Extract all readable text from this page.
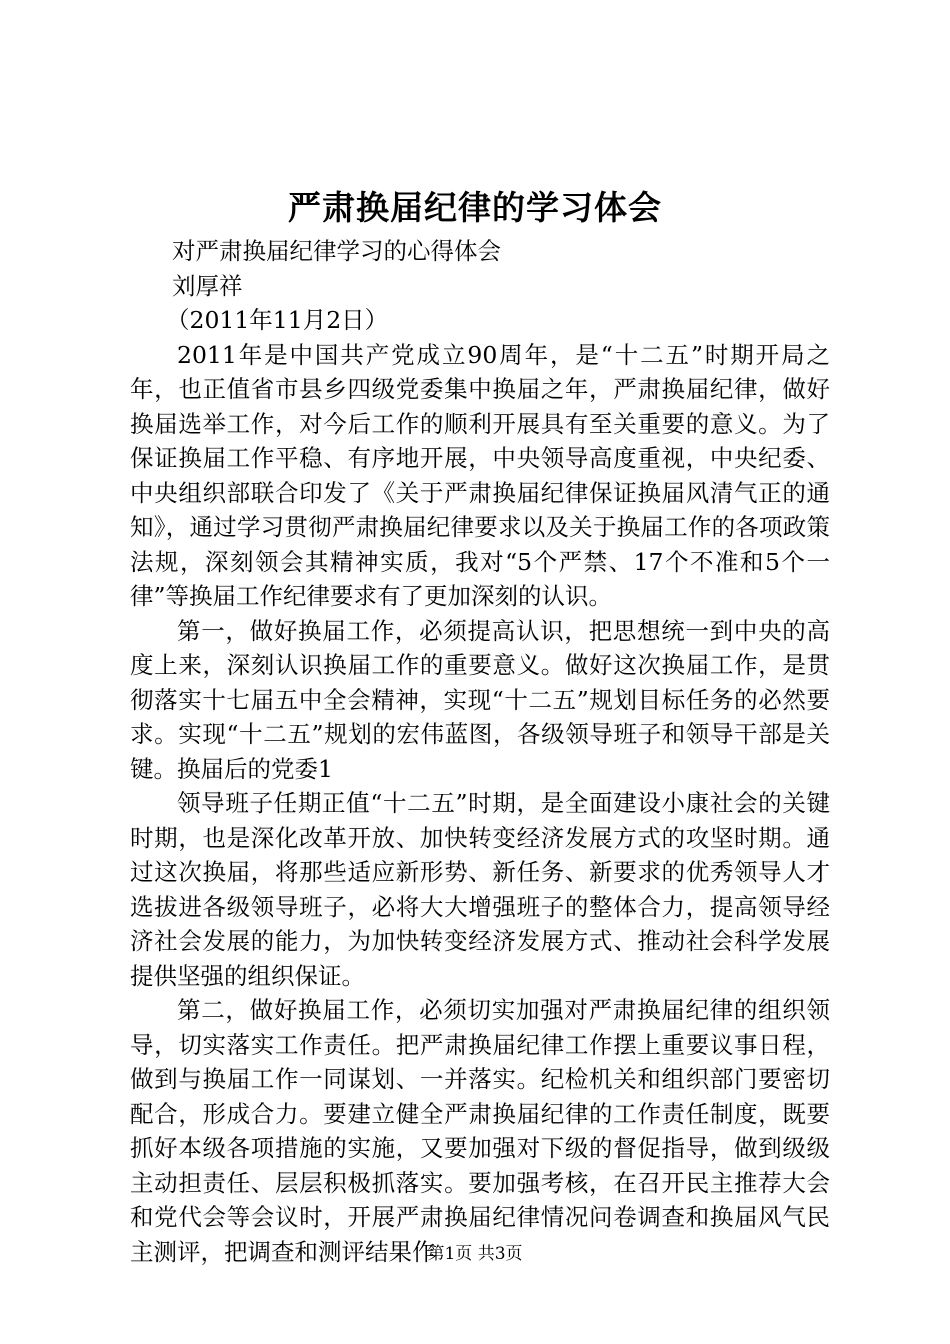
严肃换届纪律的学习体会
对严肃换届纪律学习的心得体会
刘厚祥
（2011年11月2日）

2011年是中国共产党成立90周年，是“十二五”时期开局之年，也正值省市县乡四级党委集中换届之年，严肃换届纪律，做好换届选举工作，对今后工作的顺利开展具有至关重要的意义。为了保证换届工作平稳、有序地开展，中央领导高度重视，中央纪委、中央组织部联合印发了《关于严肃换届纪律保证换届风清气正的通知》，通过学习贯彻严肃换届纪律要求以及关于换届工作的各项政策法规，深刻领会其精神实质，我对“5个严禁、17个不准和5个一律”等换届工作纪律要求有了更加深刻的认识。

第一，做好换届工作，必须提高认识，把思想统一到中央的高度上来，深刻认识换届工作的重要意义。做好这次换届工作，是贯彻落实十七届五中全会精神，实现“十二五”规划目标任务的必然要求。实现“十二五”规划的宏伟蓝图，各级领导班子和领导干部是关键。换届后的党委1

领导班子任期正值“十二五”时期，是全面建设小康社会的关键时期，也是深化改革开放、加快转变经济发展方式的攻坚时期。通过这次换届，将那些适应新形势、新任务、新要求的优秀领导人才选拔进各级领导班子，必将大大增强班子的整体合力，提高领导经济社会发展的能力，为加快转变经济发展方式、推动社会科学发展提供坚强的组织保证。

第二，做好换届工作，必须切实加强对严肃换届纪律的组织领导，切实落实工作责任。把严肃换届纪律工作摆上重要议事日程，做到与换届工作一同谋划、一并落实。纪检机关和组织部门要密切配合，形成合力。要建立健全严肃换届纪律的工作责任制度，既要抓好本级各项措施的实施，又要加强对下级的督促指导，做到级级主动担责任、层层积极抓落实。要加强考核，在召开民主推荐大会和党代会等会议时，开展严肃换届纪律情况问卷调查和换届风气民主测评，把调查和测评结果作

第1页 共3页
